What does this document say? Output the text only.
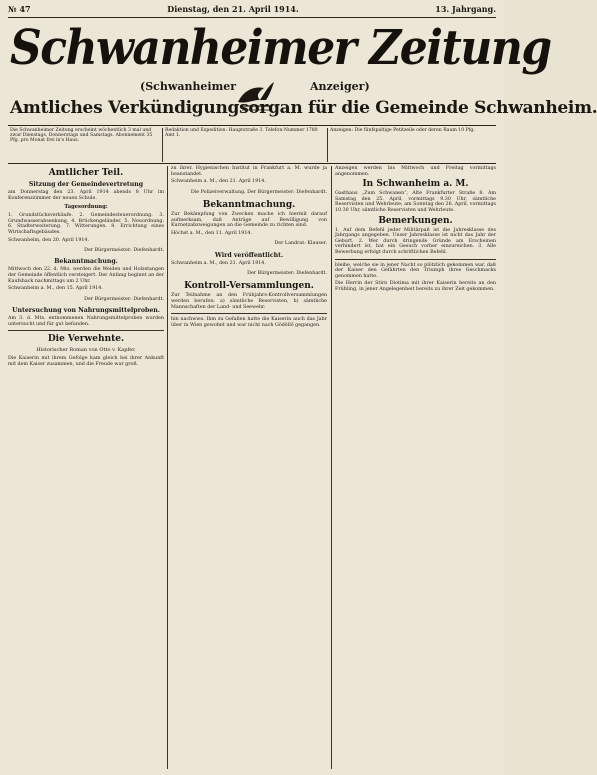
№ 47	Dienstag, den 21. April 1914.	13. Jahrgang.
Schwanheimer Zeitung
(Schwanheimer	Anzeiger)
Amtliches Verkündigungsorgan für die Gemeinde Schwanheim.
Die Schwanheimer Zeitung erscheint wöchentlich 3 mal und zwar Dienstags, Donnerstags und Samstags. Abonnement 35 Pfg. pro Monat frei in's Haus.
Redaktion und Expedition: Hauptstraße 3. Telefon-Nummer 1780 Amt 1.
Anzeigen: Die fünfspaltige Petitzeile oder deren Raum 10 Pfg.
Amtlicher Teil.
Sitzung der Gemeindevertretung

am Donnerstag den 23. April 1914 abends 8 Uhr im Konferenzzimmer der neuen Schule.

Tagesordnung:

1. Grundstücksverkäufe. 2. Gemeindesteuerordnung. 3. Grundwasserabsenkung. 4. Brückengeländer. 5. Neuordnung. 6. Stadterweiterung. 7. Witterungen. 8. Errichtung eines Wirtschaftsgebäudes.

Schwanheim, den 20. April 1914.

Der Bürgermeister: Diefenhardt.

Bekanntmachung.

Mittwoch den 22. d. Mts. werden die Weiden und Holzstangen der Gemeinde öffentlich versteigert. Der Anfang beginnt an der Kaufshack nachmittags um 2 Uhr.

Schwanheim a. M., den 15. April 1914.

Der Bürgermeister: Diefenhardt.

Untersuchung von Nahrungsmittelproben.

Am 3. d. Mts. entnommenen Nahrungsmittelproben wurden untersucht und für gut befunden.

Die Verwehnte.
Historischer Roman von Otto v. Kapfer.

Die Kaiserin mit ihrem Gefolge kam gleich bei ihrer Ankunft mit dem Kaiser zusammen, und die Freude war groß.

zu ihrer. Hygienischen Institut in Frankfurt a. M. wurde ja beanstandet.

Schwanheim a. M., den 21. April 1914.

Die Polizeiverwaltung. Der Bürgermeister: Diefenhardt.

Bekanntmachung.

Zur Bekämpfung von Zwecken mache ich hiermit darauf aufmerksam, daß Anträge auf Bewilligung von Kurnetzabzweigungen an die Gemeinde zu richten sind.

Höchst a. M., den 11. April 1914.

Der Landrat: Klauser.

Wird veröffentlicht.

Schwanheim a. M., den 21. April 1914.

Der Bürgermeister: Diefenhardt.

Kontroll-Versammlungen.

Zur Teilnahme an den Frühjahrs-Kontrollversammlungen werden berufen: a) sämtliche Reservisten, b) sämtliche Mannschaften der Land- und Seewehr.

hin nachwies. Ihm zu Gefallen hatte die Kaiserin auch das Jahr über in Wien gewohnt und war nicht nach Gödöllő gegangen.

Anzeigen werden bis Mittwoch und Freitag vormittags angenommen.

In Schwanheim a. M.

Gasthaus „Zum Schwanen“, Alte Frankfurter Straße 8. Am Samstag den 25. April, vormittags 9.30 Uhr, sämtliche Reservisten und Wehrleute; am Sonntag den 26. April, vormittags 10.30 Uhr, sämtliche Reservisten und Wehrleute.

Bemerkungen.

1. Auf dem Befehl jeder Militärpaß ist die Jahresklasse des Jahrgangs angegeben. Unser Jahresklasse ist nicht das Jahr der Geburt. 2. Wer durch dringende Gründe am Erscheinen verhindert ist, hat ein Gesuch vorher einzureichen. 3. Alle Bewerbung erfolgt durch schriftlichen Befehl.

bleibe, welche sie in jener Nacht so plötzlich gekommen war, daß der Kaiser den Gefährten den Triumph ihres Geschmacks genommen hatte.

Die Herrin der Stirn Diotima mit ihrer Kaiserin bereits an den Frühling, in jener Angelegenheit bereits zu ihrer Zeit gekommen.
